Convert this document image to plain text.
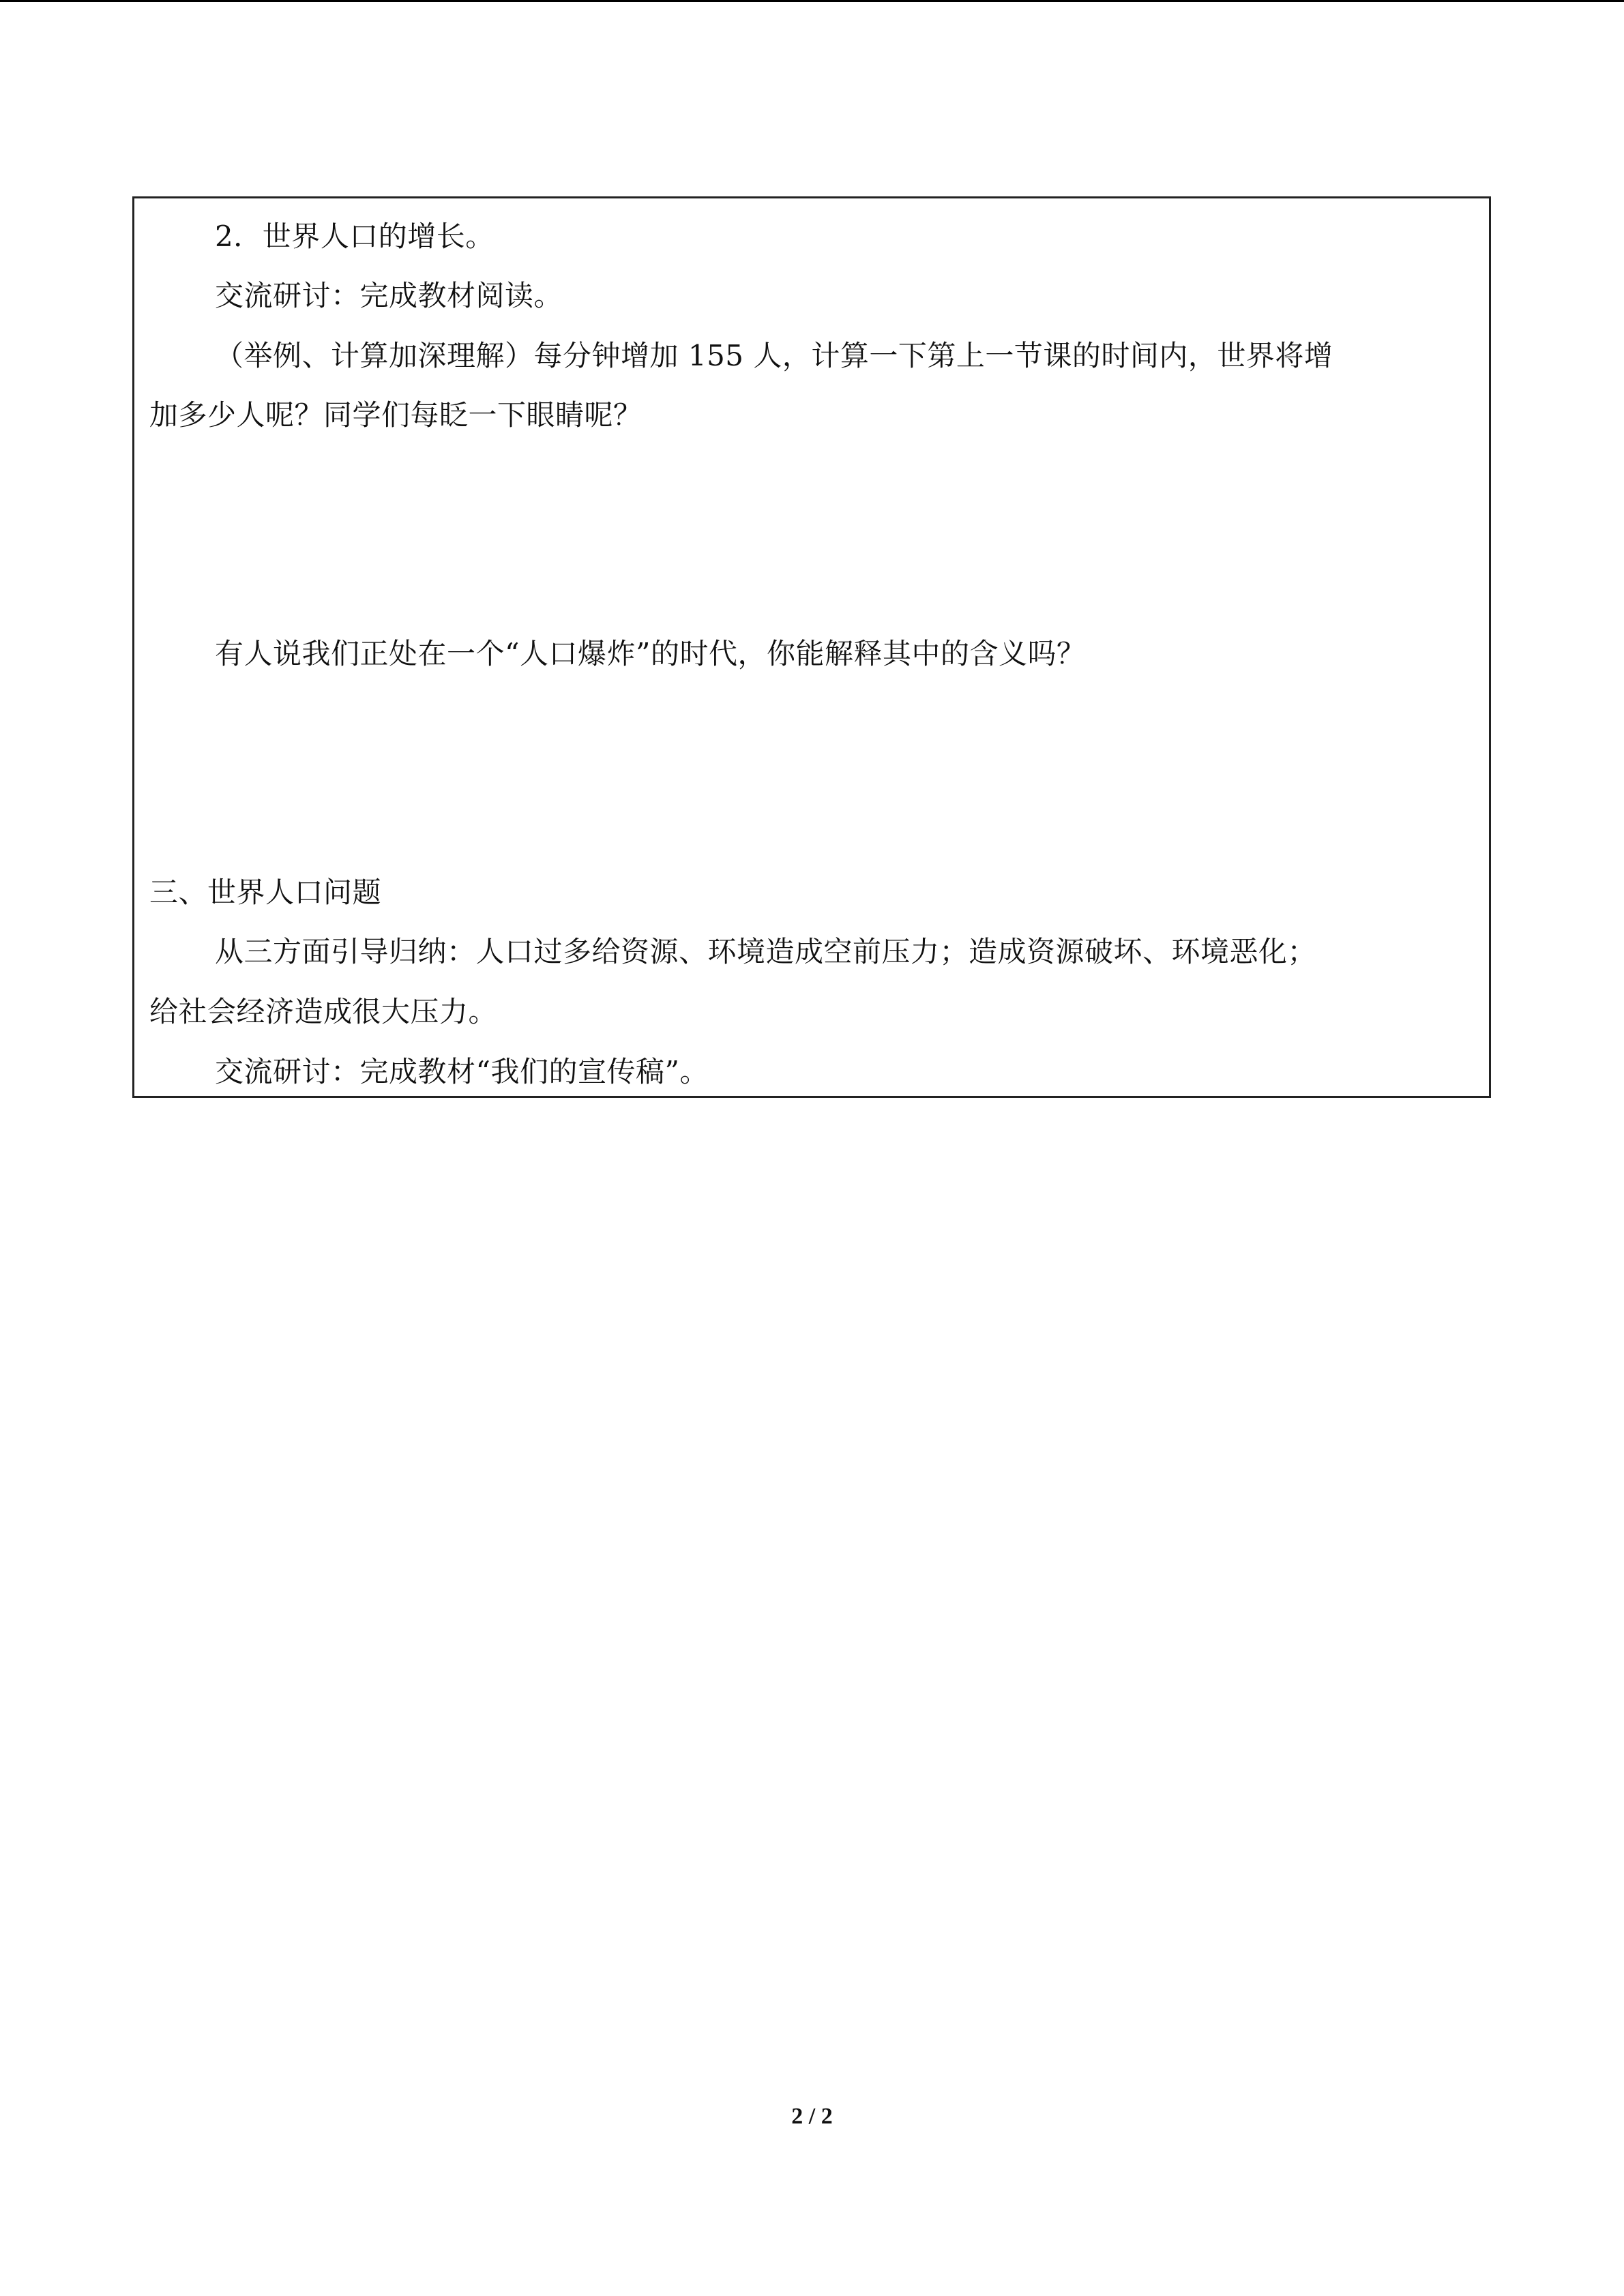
2．世界人口的增长。
交流研讨：完成教材阅读。
（举例、计算加深理解）每分钟增加 155 人，计算一下第上一节课的时间内，世界将增
加多少人呢？同学们每眨一下眼睛呢？
有人说我们正处在一个“人口爆炸”的时代，你能解释其中的含义吗？
三、世界人口问题
从三方面引导归纳：人口过多给资源、环境造成空前压力；造成资源破坏、环境恶化；
给社会经济造成很大压力。
交流研讨：完成教材“我们的宣传稿”。
2 / 2
